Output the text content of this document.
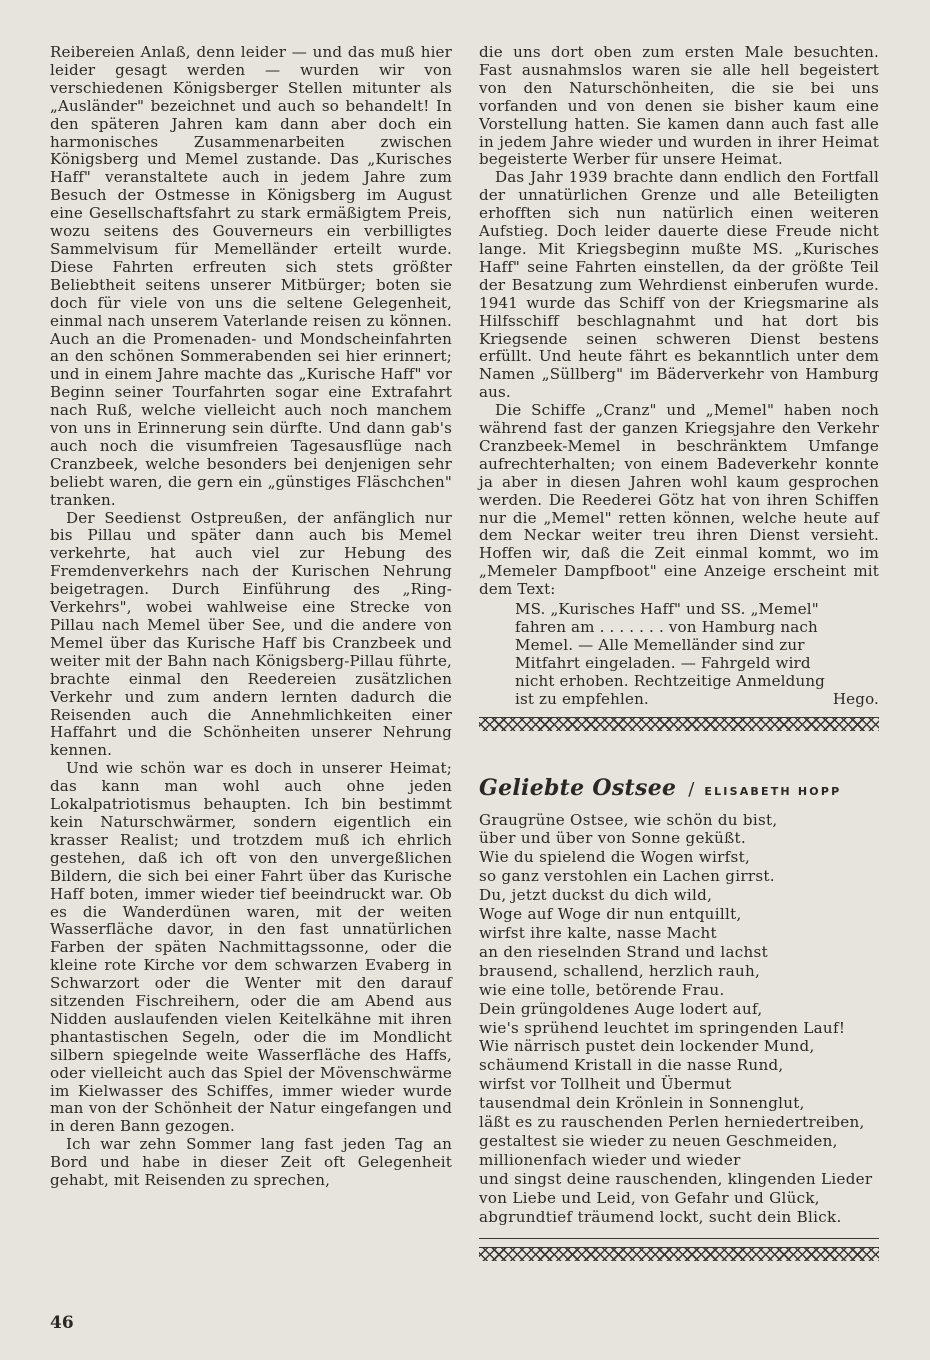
Reibereien Anlaß, denn leider — und das muß hier leider gesagt werden — wurden wir von verschiedenen Königsberger Stellen mitunter als „Ausländer" bezeichnet und auch so behandelt! In den späteren Jahren kam dann aber doch ein harmonisches Zusammenarbeiten zwischen Königsberg und Memel zustande. Das „Kurisches Haff" veranstaltete auch in jedem Jahre zum Besuch der Ostmesse in Königsberg im August eine Gesellschaftsfahrt zu stark ermäßigtem Preis, wozu seitens des Gouverneurs ein verbilligtes Sammelvisum für Memelländer erteilt wurde. Diese Fahrten erfreuten sich stets größter Beliebtheit seitens unserer Mitbürger; boten sie doch für viele von uns die seltene Gelegenheit, einmal nach unserem Vaterlande reisen zu können. Auch an die Promenaden- und Mondscheinfahrten an den schönen Sommerabenden sei hier erinnert; und in einem Jahre machte das „Kurische Haff" vor Beginn seiner Tourfahrten sogar eine Extrafahrt nach Ruß, welche vielleicht auch noch manchem von uns in Erinnerung sein dürfte. Und dann gab's auch noch die visumfreien Tagesausflüge nach Cranzbeek, welche besonders bei denjenigen sehr beliebt waren, die gern ein „günstiges Fläschchen" tranken.

Der Seedienst Ostpreußen, der anfänglich nur bis Pillau und später dann auch bis Memel verkehrte, hat auch viel zur Hebung des Fremdenverkehrs nach der Kurischen Nehrung beigetragen. Durch Einführung des „Ring-Verkehrs", wobei wahlweise eine Strecke von Pillau nach Memel über See, und die andere von Memel über das Kurische Haff bis Cranzbeek und weiter mit der Bahn nach Königsberg-Pillau führte, brachte einmal den Reedereien zusätzlichen Verkehr und zum andern lernten dadurch die Reisenden auch die Annehmlichkeiten einer Haffahrt und die Schönheiten unserer Nehrung kennen.

Und wie schön war es doch in unserer Heimat; das kann man wohl auch ohne jeden Lokalpatriotismus behaupten. Ich bin bestimmt kein Naturschwärmer, sondern eigentlich ein krasser Realist; und trotzdem muß ich ehrlich gestehen, daß ich oft von den unvergeßlichen Bildern, die sich bei einer Fahrt über das Kurische Haff boten, immer wieder tief beeindruckt war. Ob es die Wanderdünen waren, mit der weiten Wasserfläche davor, in den fast unnatürlichen Farben der späten Nachmittagssonne, oder die kleine rote Kirche vor dem schwarzen Evaberg in Schwarzort oder die Wenter mit den darauf sitzenden Fischreihern, oder die am Abend aus Nidden auslaufenden vielen Keitelkähne mit ihren phantastischen Segeln, oder die im Mondlicht silbern spiegelnde weite Wasserfläche des Haffs, oder vielleicht auch das Spiel der Mövenschwärme im Kielwasser des Schiffes, immer wieder wurde man von der Schönheit der Natur eingefangen und in deren Bann gezogen.

Ich war zehn Sommer lang fast jeden Tag an Bord und habe in dieser Zeit oft Gelegenheit gehabt, mit Reisenden zu sprechen,

die uns dort oben zum ersten Male besuchten. Fast ausnahmslos waren sie alle hell begeistert von den Naturschönheiten, die sie bei uns vorfanden und von denen sie bisher kaum eine Vorstellung hatten. Sie kamen dann auch fast alle in jedem Jahre wieder und wurden in ihrer Heimat begeisterte Werber für unsere Heimat.

Das Jahr 1939 brachte dann endlich den Fortfall der unnatürlichen Grenze und alle Beteiligten erhofften sich nun natürlich einen weiteren Aufstieg. Doch leider dauerte diese Freude nicht lange. Mit Kriegsbeginn mußte MS. „Kurisches Haff" seine Fahrten einstellen, da der größte Teil der Besatzung zum Wehrdienst einberufen wurde. 1941 wurde das Schiff von der Kriegsmarine als Hilfsschiff beschlagnahmt und hat dort bis Kriegsende seinen schweren Dienst bestens erfüllt. Und heute fährt es bekanntlich unter dem Namen „Süllberg" im Bäderverkehr von Hamburg aus.

Die Schiffe „Cranz" und „Memel" haben noch während fast der ganzen Kriegsjahre den Verkehr Cranzbeek-Memel in beschränktem Umfange aufrechterhalten; von einem Badeverkehr konnte ja aber in diesen Jahren wohl kaum gesprochen werden. Die Reederei Götz hat von ihren Schiffen nur die „Memel" retten können, welche heute auf dem Neckar weiter treu ihren Dienst versieht. Hoffen wir, daß die Zeit einmal kommt, wo im „Memeler Dampfboot" eine Anzeige erscheint mit dem Text:

MS. „Kurisches Haff" und SS. „Memel"
fahren am . . . . . . . von Hamburg nach
Memel. — Alle Memelländer sind zur
Mitfahrt eingeladen. — Fahrgeld wird
nicht erhoben. Rechtzeitige Anmeldung
ist zu empfehlen.	Hego.
Geliebte Ostsee / ELISABETH HOPP
Graugrüne Ostsee, wie schön du bist,
über und über von Sonne geküßt.
Wie du spielend die Wogen wirfst,
so ganz verstohlen ein Lachen girrst.
Du, jetzt duckst du dich wild,
Woge auf Woge dir nun entquillt,
wirfst ihre kalte, nasse Macht
an den rieselnden Strand und lachst
brausend, schallend, herzlich rauh,
wie eine tolle, betörende Frau.
Dein grüngoldenes Auge lodert auf,
wie's sprühend leuchtet im springenden Lauf!
Wie närrisch pustet dein lockender Mund,
schäumend Kristall in die nasse Rund,
wirfst vor Tollheit und Übermut
tausendmal dein Krönlein in Sonnenglut,
läßt es zu rauschenden Perlen herniedertreiben,
gestaltest sie wieder zu neuen Geschmeiden,
millionenfach wieder und wieder
und singst deine rauschenden, klingenden Lieder
von Liebe und Leid, von Gefahr und Glück,
abgrundtief träumend lockt, sucht dein Blick.
46
